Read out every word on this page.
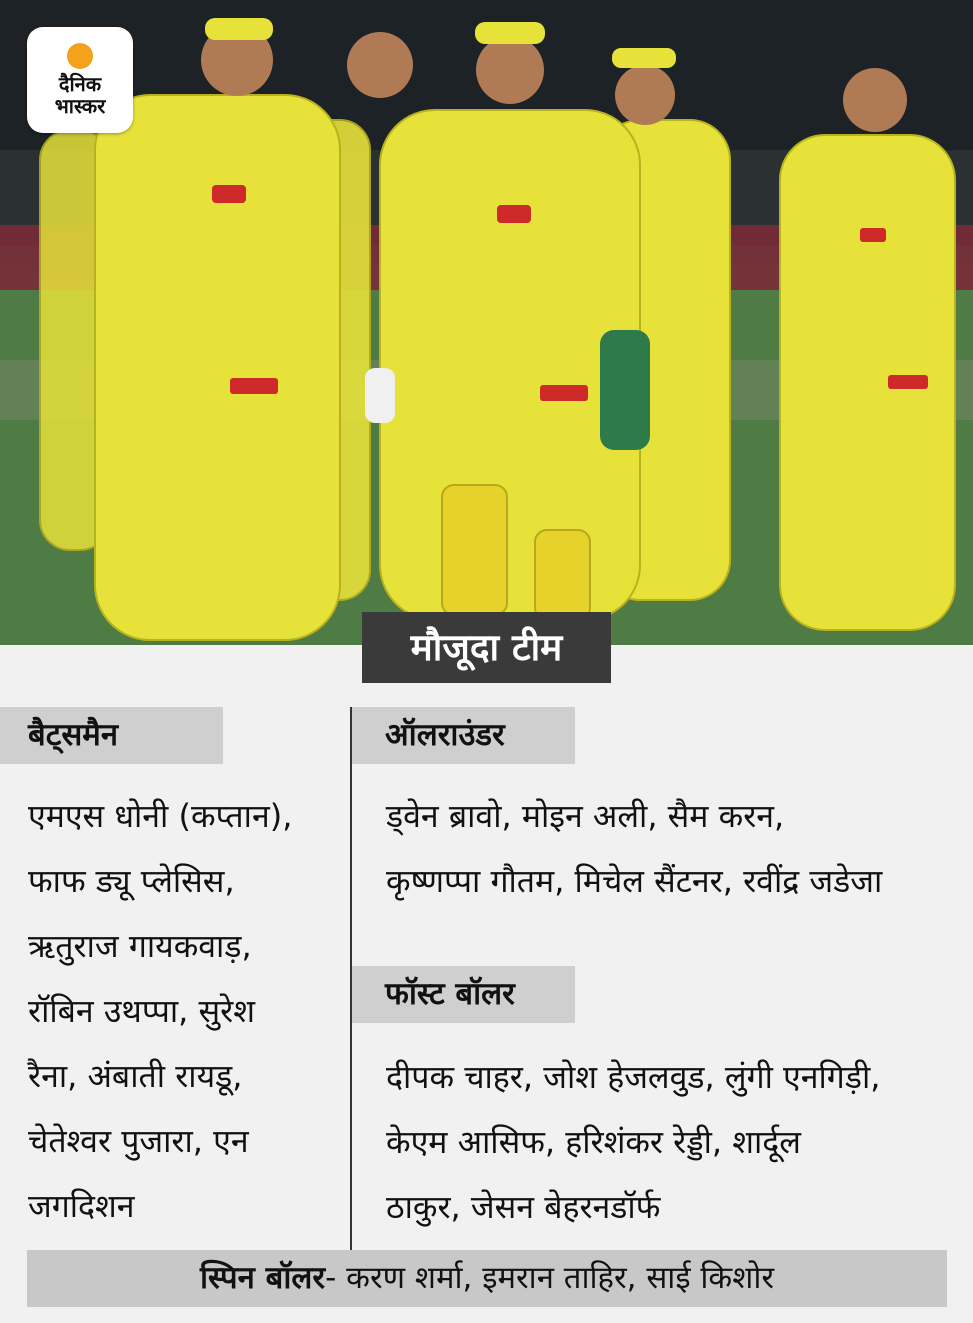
दैनिक
भास्कर
मौजूदा टीम
बैट्समैन
एमएस धोनी (कप्तान),
फाफ ड्यू प्लेसिस,
ऋतुराज गायकवाड़,
रॉबिन उथप्पा, सुरेश
रैना, अंबाती रायडू,
चेतेश्वर पुजारा, एन
जगदिशन
ऑलराउंडर
ड्वेन ब्रावो, मोइन अली, सैम करन,
कृष्णप्पा गौतम, मिचेल सैंटनर, रवींद्र जडेजा
फॉस्ट बॉलर
दीपक चाहर, जोश हेजलवुड, लुंगी एनगिड़ी,
केएम आसिफ, हरिशंकर रेड्डी, शार्दूल
ठाकुर, जेसन बेहरनडॉर्फ
स्पिन बॉलर- करण शर्मा, इमरान ताहिर, साई किशोर
